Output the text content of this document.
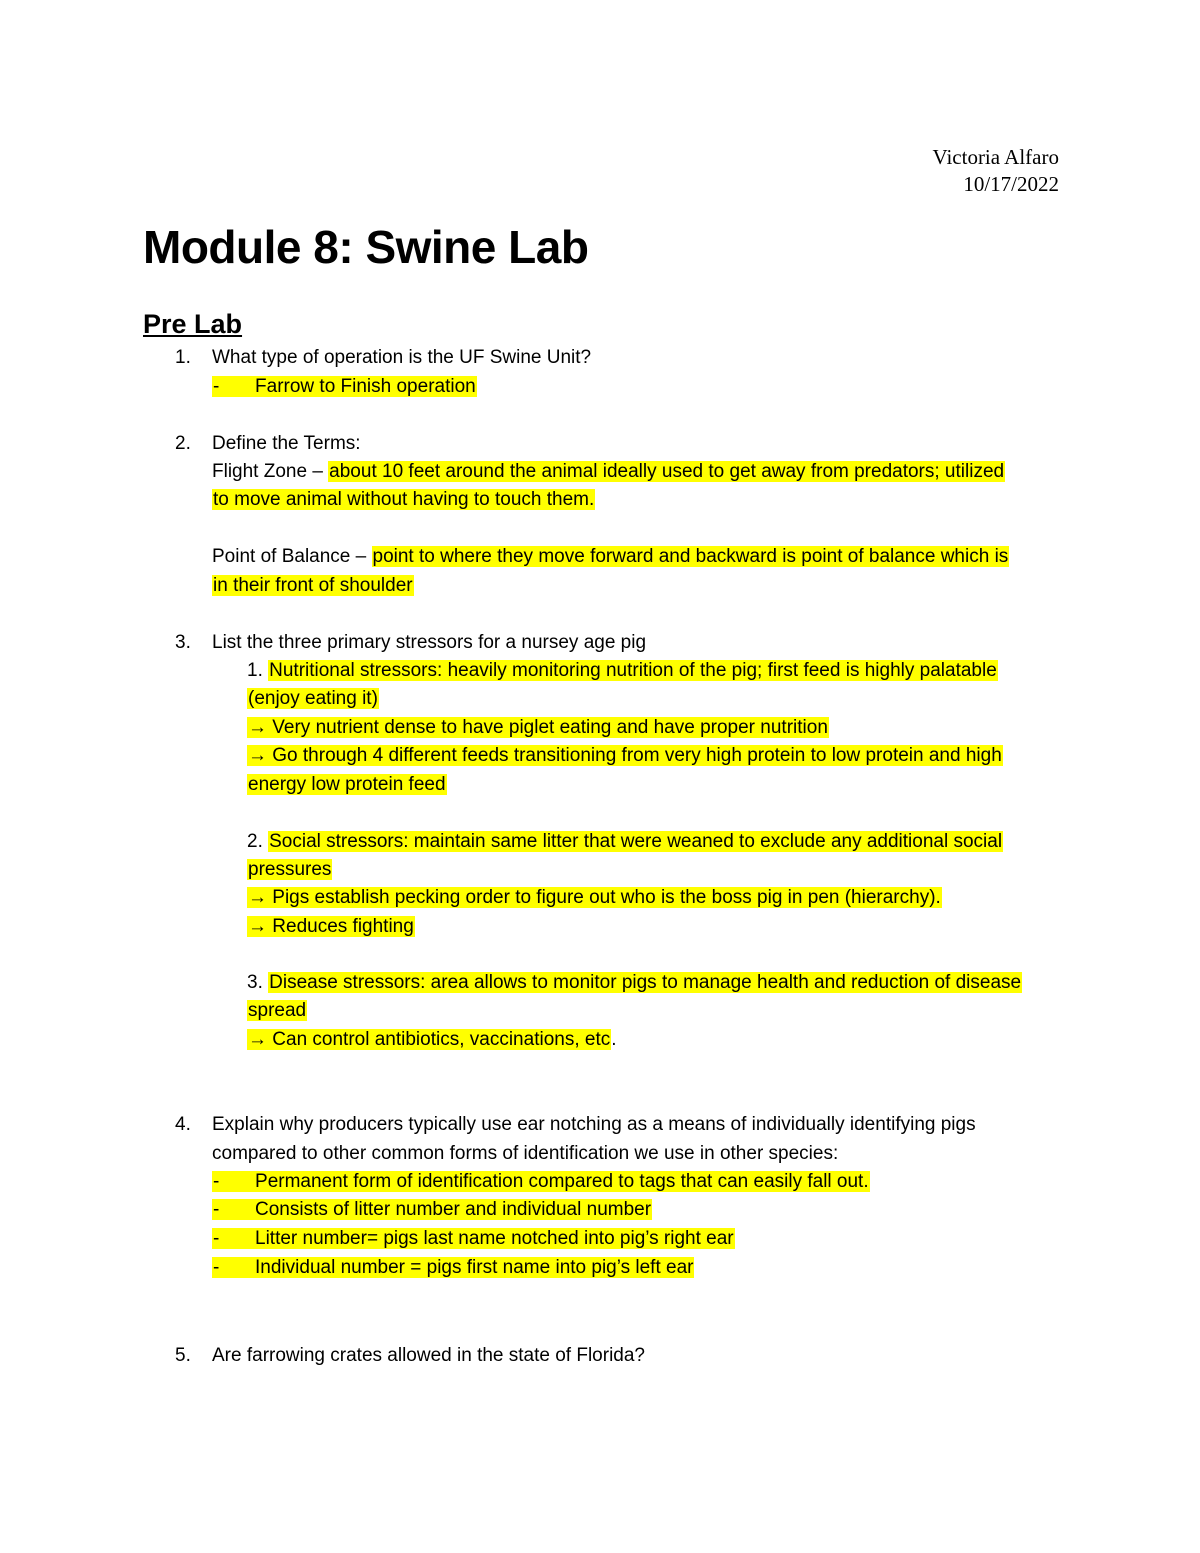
Victoria Alfaro
10/17/2022
Module 8: Swine Lab
Pre Lab
1.	What type of operation is the UF Swine Unit?
- Farrow to Finish operation
2.	Define the Terms:
Flight Zone – about 10 feet around the animal ideally used to get away from predators; utilized
to move animal without having to touch them.
Point of Balance – point to where they move forward and backward is point of balance which is
in their front of shoulder
3.	List the three primary stressors for a nursey age pig
1. Nutritional stressors: heavily monitoring nutrition of the pig; first feed is highly palatable
(enjoy eating it)
→ Very nutrient dense to have piglet eating and have proper nutrition
→ Go through 4 different feeds transitioning from very high protein to low protein and high
energy low protein feed
2. Social stressors: maintain same litter that were weaned to exclude any additional social
pressures
→ Pigs establish pecking order to figure out who is the boss pig in pen (hierarchy).
→ Reduces fighting
3. Disease stressors: area allows to monitor pigs to manage health and reduction of disease
spread
→ Can control antibiotics, vaccinations, etc.
4.	Explain why producers typically use ear notching as a means of individually identifying pigs
compared to other common forms of identification we use in other species:
- Permanent form of identification compared to tags that can easily fall out.
- Consists of litter number and individual number
- Litter number= pigs last name notched into pig’s right ear
- Individual number = pigs first name into pig’s left ear
5.	Are farrowing crates allowed in the state of Florida?
